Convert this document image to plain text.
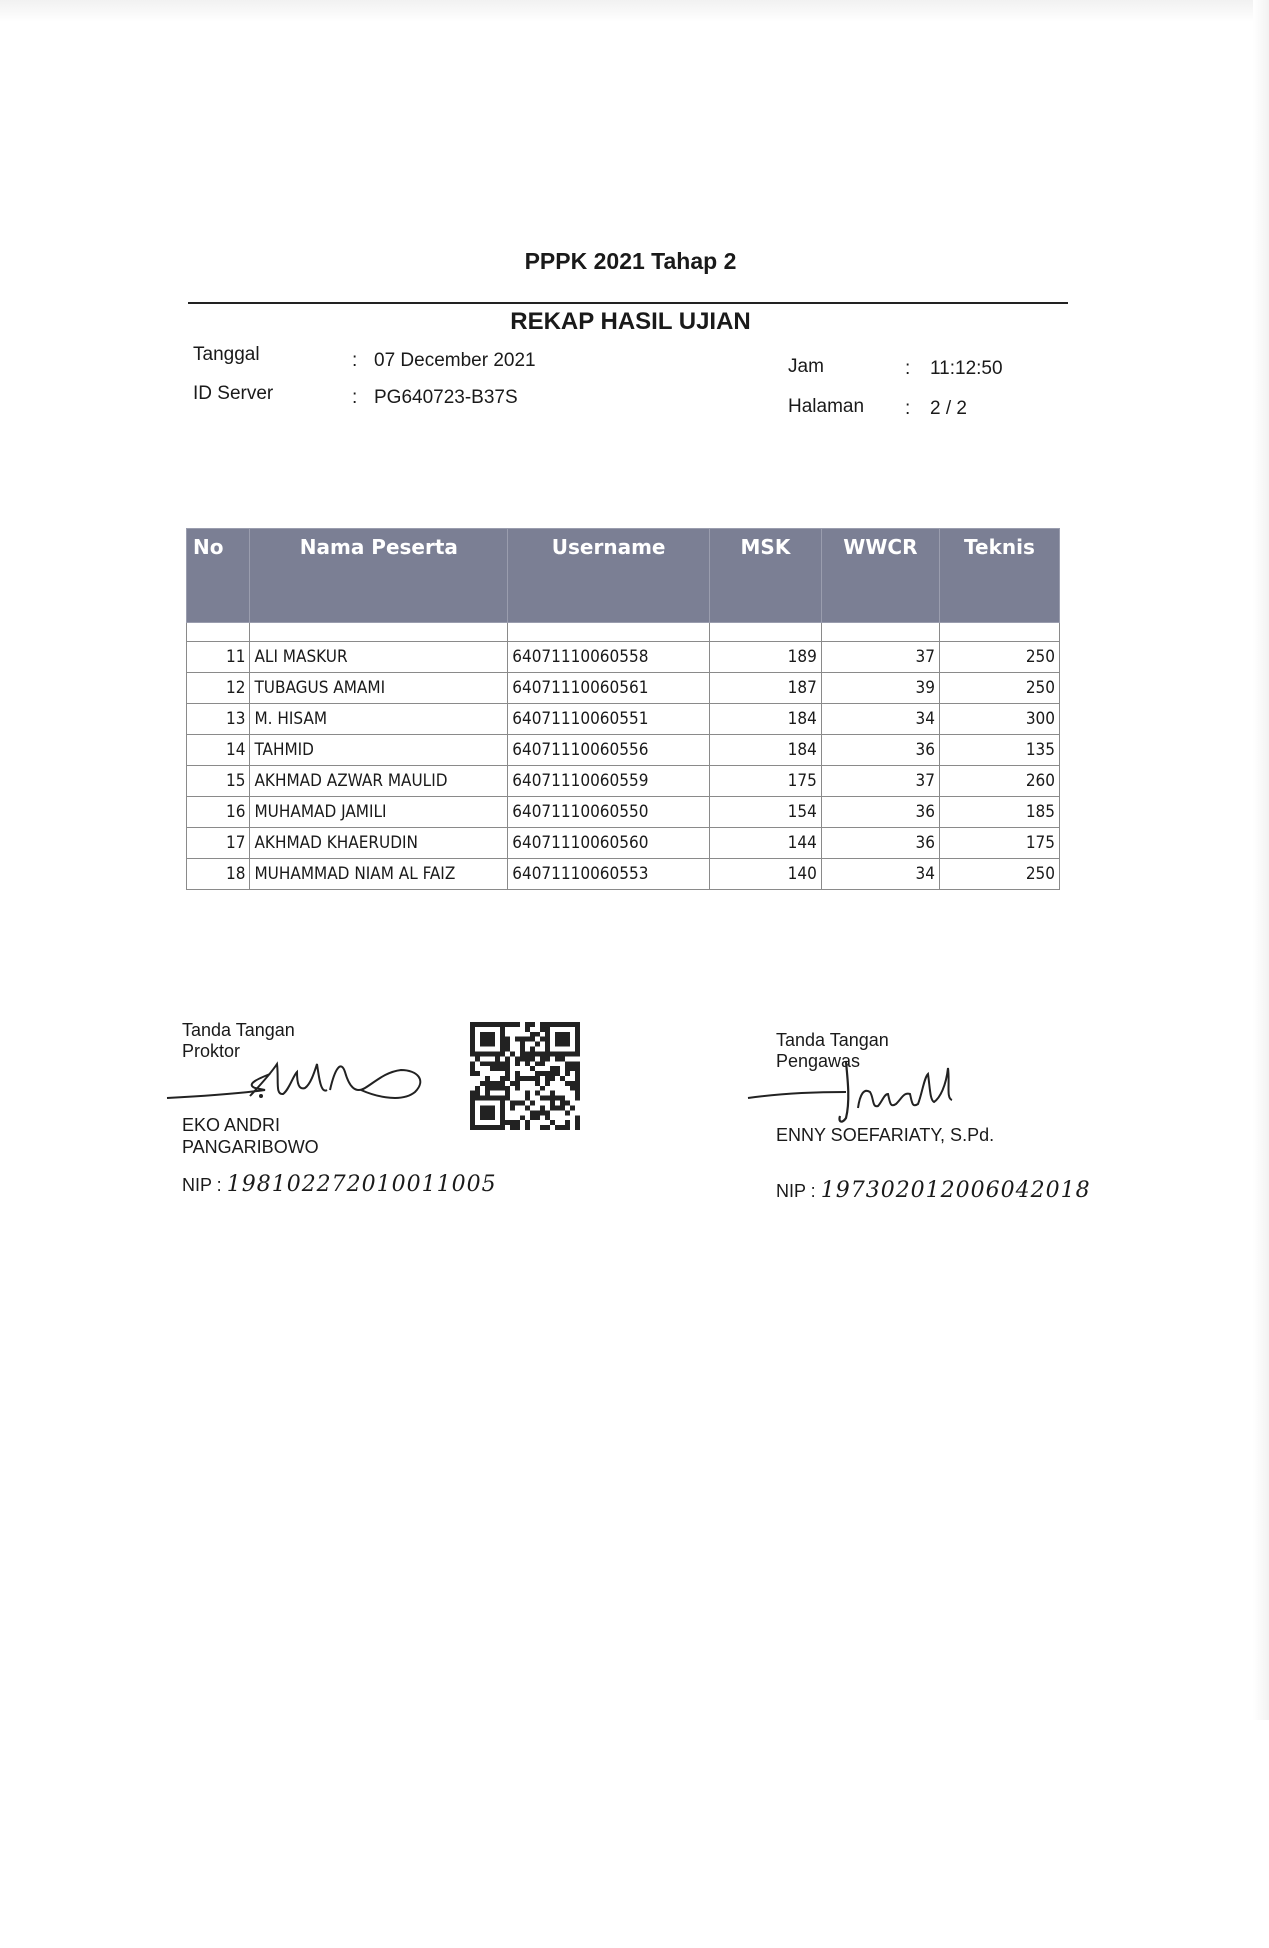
PPPK 2021 Tahap 2
REKAP HASIL UJIAN
Tanggal	: 07 December 2021
ID Server	: PG640723-B37S
Jam	: 11:12:50
Halaman : 2 / 2
No	Nama Peserta	Username	MSK	WWCR	Teknis

11	ALI MASKUR	64071110060558	189	37	250
12	TUBAGUS AMAMI	64071110060561	187	39	250
13	M. HISAM	64071110060551	184	34	300
14	TAHMID	64071110060556	184	36	135
15	AKHMAD AZWAR MAULID	64071110060559	175	37	260
16	MUHAMAD JAMILI	64071110060550	154	36	185
17	AKHMAD KHAERUDIN	64071110060560	144	36	175
18	MUHAMMAD NIAM AL FAIZ	64071110060553	140	34	250
Tanda Tangan
Proktor
EKO ANDRI
PANGARIBOWO
NIP : 198102272010011005
Tanda Tangan
Pengawas
ENNY SOEFARIATY, S.Pd.
NIP : 197302012006042018
